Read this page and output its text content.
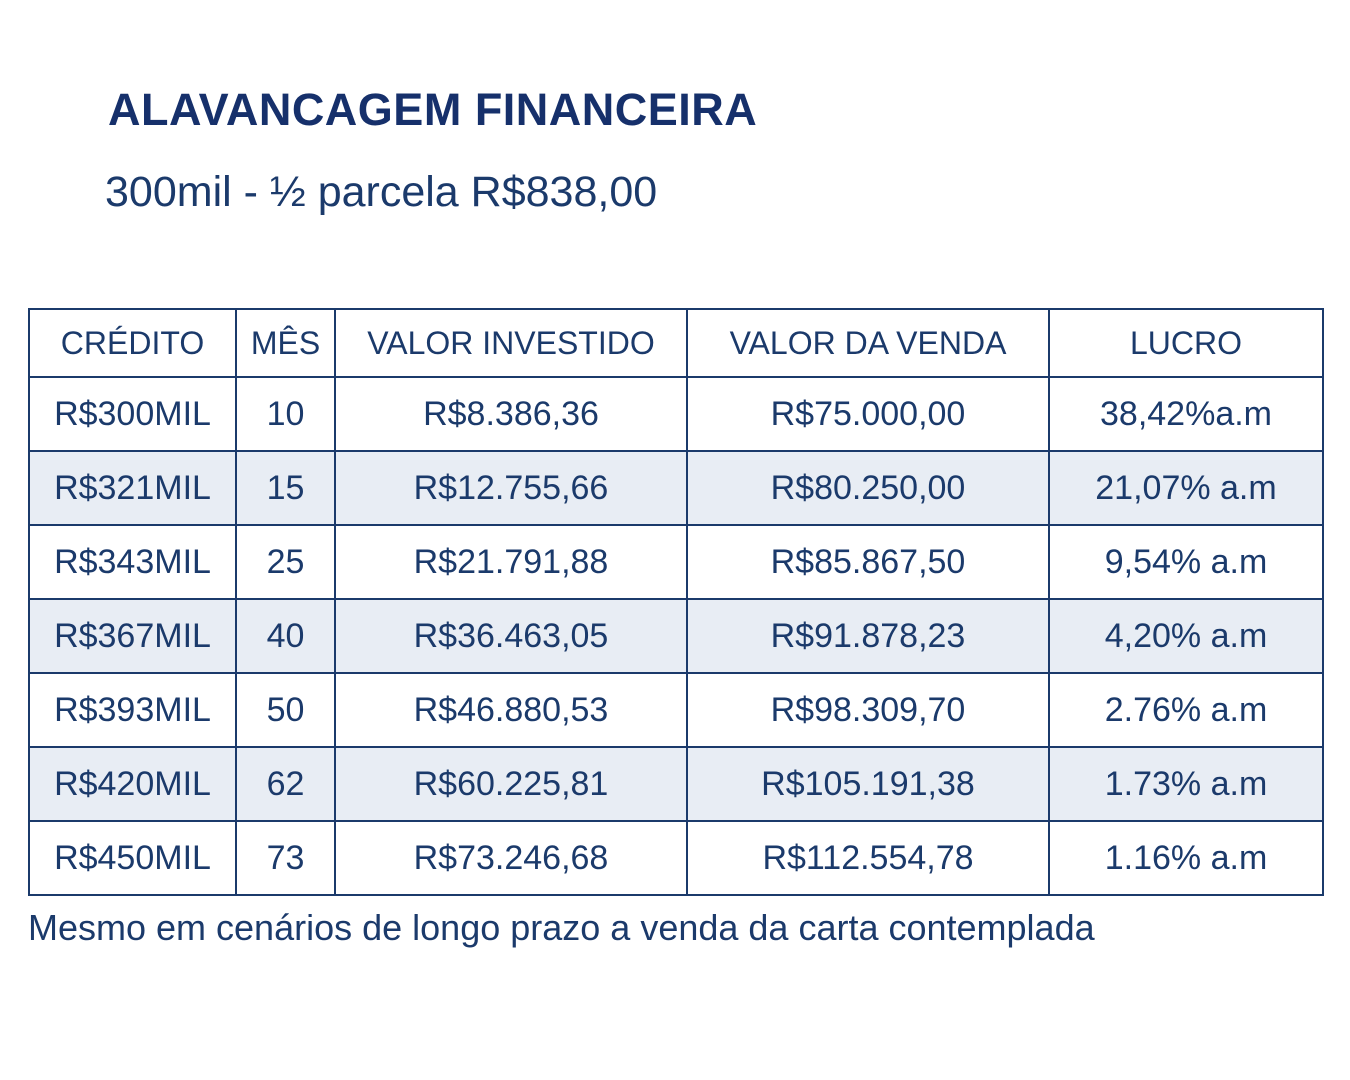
ALAVANCAGEM FINANCEIRA
300mil - ½ parcela R$838,00
CRÉDITO	MÊS	VALOR INVESTIDO	VALOR DA VENDA	LUCRO
R$300MIL	10	R$8.386,36	R$75.000,00	38,42%a.m
R$321MIL	15	R$12.755,66	R$80.250,00	21,07% a.m
R$343MIL	25	R$21.791,88	R$85.867,50	9,54% a.m
R$367MIL	40	R$36.463,05	R$91.878,23	4,20% a.m
R$393MIL	50	R$46.880,53	R$98.309,70	2.76% a.m
R$420MIL	62	R$60.225,81	R$105.191,38	1.73% a.m
R$450MIL	73	R$73.246,68	R$112.554,78	1.16% a.m
Mesmo em cenários de longo prazo a venda da carta contemplada
